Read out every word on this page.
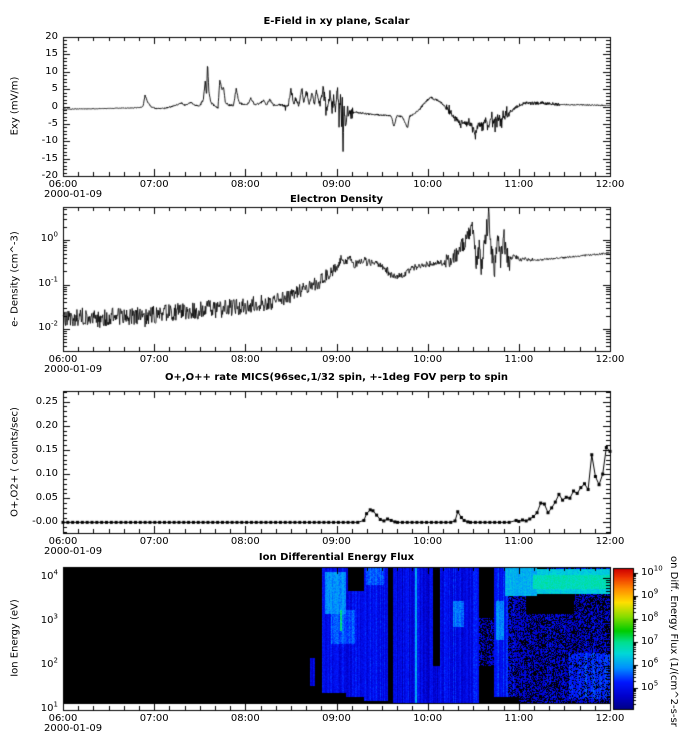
E-Field in xy plane, Scalar
Electron Density
O+,O++ rate MICS(96sec,1/32 spin, +-1deg FOV perp to spin
Ion Differential Energy Flux
Exy (mV/m)
e- Density (cm^-3)
O+,O2+ ( counts/sec)
Ion Energy (eV)	on Diff. Energy Flux (1/(cm^2-s-sr
$10^5$
$10^6$
$10^7$
$10^8$
$10^9$
$10^{10}$
06:00	07:00	08:00	09:00	10:00	11:00	12:00
2000-01-09
06:00	07:00	08:00	09:00	10:00	11:00	12:00
2000-01-09
06:00	07:00	08:00	09:00	10:00	11:00	12:00
2000-01-09
06:00	07:00	08:00	09:00	10:00	11:00	12:00
2000-01-09
-20
-15
-10
-5
0
5
10
15
20
-0.00
0.05
0.10
0.15
0.20
0.25
$10^{-2}$
$10^{-1}$
$10^0$
$10^1$
$10^2$
$10^3$
$10^4$
